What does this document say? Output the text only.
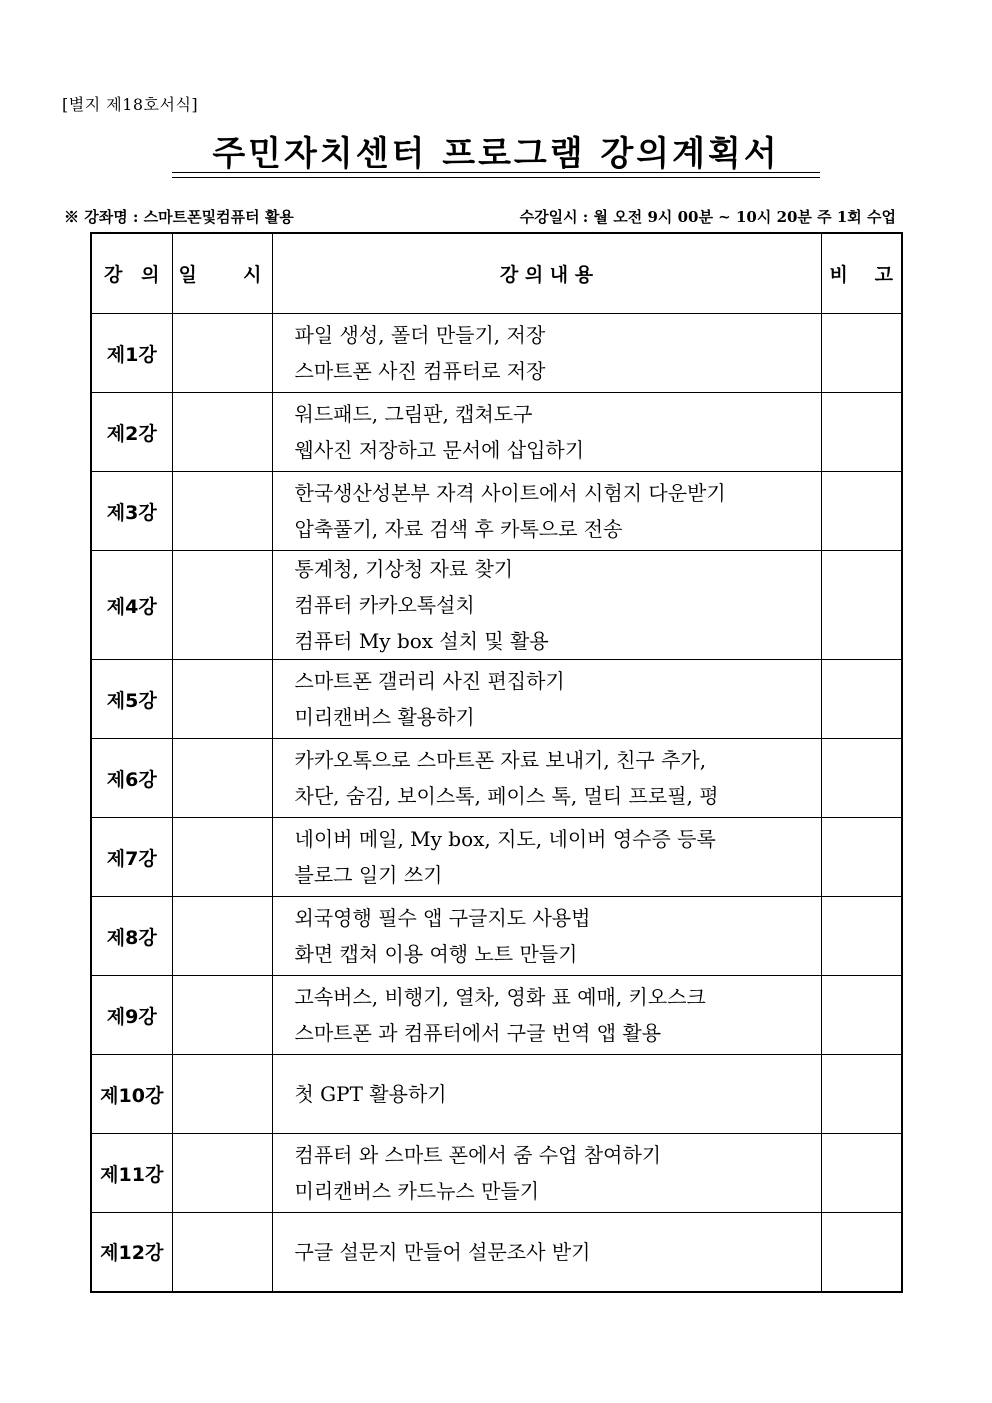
[별지 제18호서식]
주민자치센터 프로그램 강의계획서
※ 강좌명 : 스마트폰및컴퓨터 활용	수강일시 : 월 오전 9시 00분 ~ 10시 20분 주 1회 수업
강 의	일 시	강 의 내 용	비 고

제1강		파일 생성, 폴더 만들기, 저장
스마트폰 사진 컴퓨터로 저장	

제2강		워드패드, 그림판, 캡쳐도구
웹사진 저장하고 문서에 삽입하기	

제3강		한국생산성본부 자격 사이트에서 시험지 다운받기
압축풀기, 자료 검색 후 카톡으로 전송	

제4강		통계청, 기상청 자료 찾기
컴퓨터 카카오톡설치
컴퓨터 My box 설치 및 활용	

제5강		스마트폰 갤러리 사진 편집하기
미리캔버스 활용하기	

제6강		카카오톡으로 스마트폰 자료 보내기, 친구 추가,
차단, 숨김, 보이스톡, 페이스 톡, 멀티 프로필, 평	

제7강		네이버 메일, My box, 지도, 네이버 영수증 등록
블로그 일기 쓰기	

제8강		외국영행 필수 앱 구글지도 사용법
화면 캡쳐 이용 여행 노트 만들기	

제9강		고속버스, 비행기, 열차, 영화 표 예매, 키오스크
스마트폰 과 컴퓨터에서 구글 번역 앱 활용	

제10강		첫 GPT 활용하기	

제11강		컴퓨터 와 스마트 폰에서 줌 수업 참여하기
미리캔버스 카드뉴스 만들기	

제12강		구글 설문지 만들어 설문조사 받기	
